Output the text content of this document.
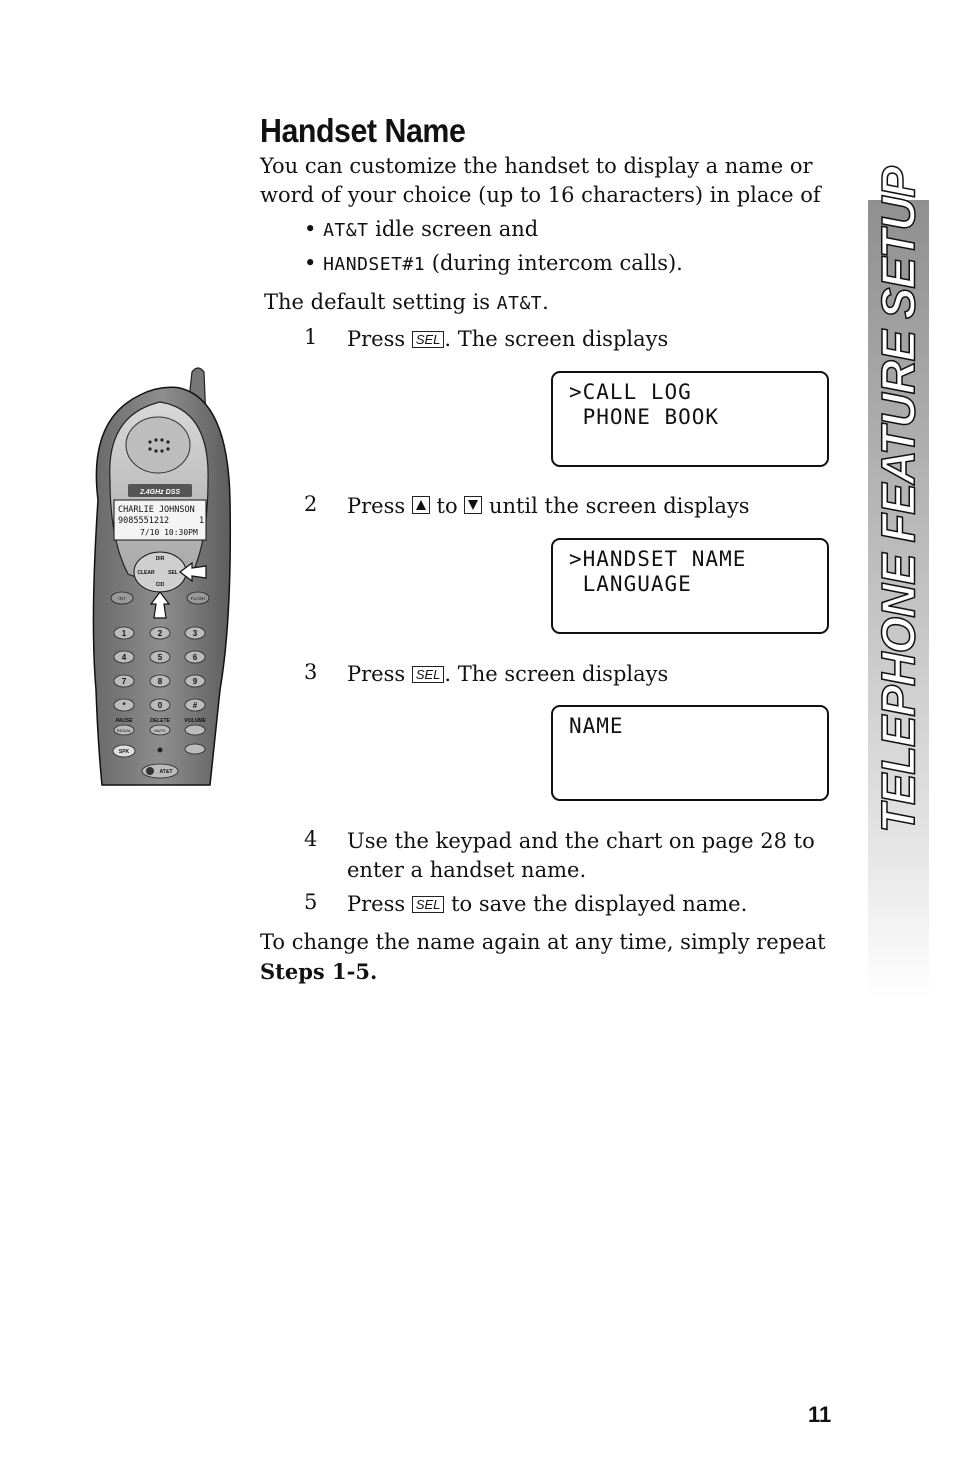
Handset Name
You can customize the handset to display a name or
word of your choice (up to 16 characters) in place of
• AT&T idle screen and
• HANDSET#1 (during intercom calls).
The default setting is AT&T.
1 Press SEL . The screen displays
>CALL LOG
PHONE BOOK
2 Press
to
until the screen displays
>HANDSET NAME
LANGUAGE
3 Press SEL . The screen displays
NAME
4 Use the keypad and the chart on page 28 to
enter a handset name.
5 Press SEL to save the displayed name.
To change the name again at any time, simply repeat
Steps 1-5.
TELEPHONE FEATURE SETUP
11
2.4GHz DSS
CHARLIE JOHNSON
9085551212	1
7/10 10:30PM
DIR
CID
CLEAR	SEL
INT	FLASH
1	2	3
4	5	6
7	8	9
*	0	#
PAUSE	DELETE	VOLUME
REDIAL	MUTE
SPK
AT&T
